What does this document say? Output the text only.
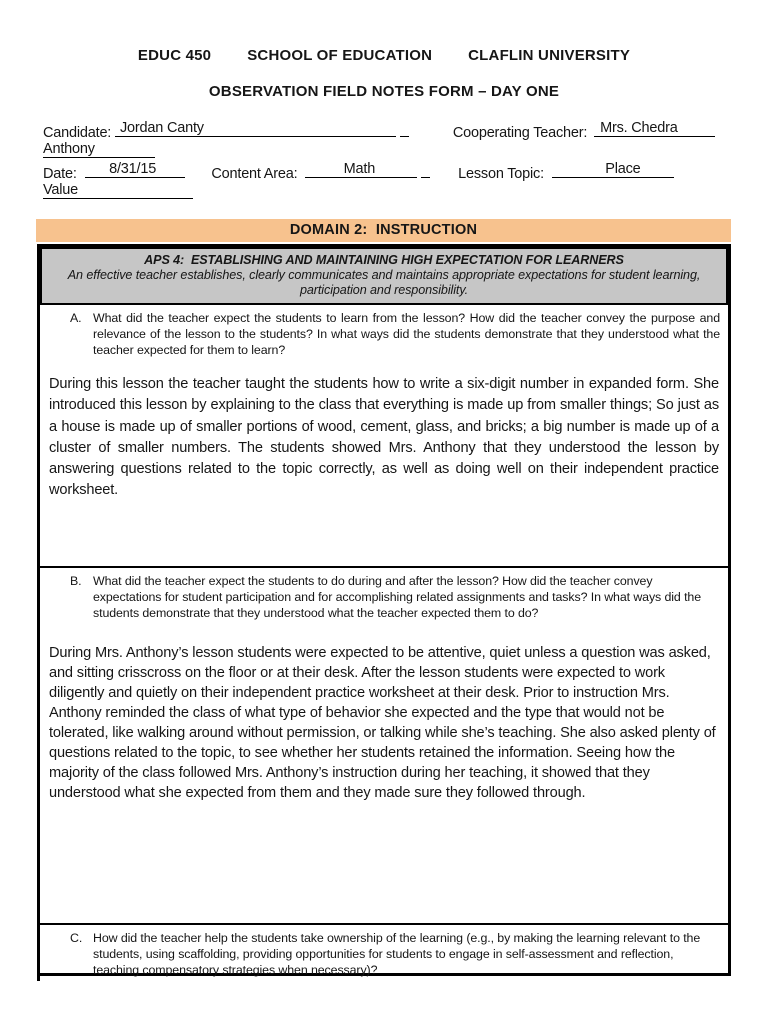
EDUC 450 SCHOOL OF EDUCATION CLAFLIN UNIVERSITY
OBSERVATION FIELD NOTES FORM – DAY ONE
Candidate: Jordan Canty	Cooperating Teacher: Mrs. Chedra
Anthony
Date: 8/31/15	Content Area:	Math	Lesson Topic:	Place
Value
DOMAIN 2:  INSTRUCTION
APS 4:  ESTABLISHING AND MAINTAINING HIGH EXPECTATION FOR LEARNERS
An effective teacher establishes, clearly communicates and maintains appropriate expectations for student learning, participation and responsibility.
A. What did the teacher expect the students to learn from the lesson? How did the teacher convey the purpose and relevance of the lesson to the students? In what ways did the students demonstrate that they understood what the teacher expected for them to learn?
During this lesson the teacher taught the students how to write a six-digit number in expanded form. She introduced this lesson by explaining to the class that everything is made up from smaller things; So just as a house is made up of smaller portions of wood, cement, glass, and bricks; a big number is made up of a cluster of smaller numbers. The students showed Mrs. Anthony that they understood the lesson by answering questions related to the topic correctly, as well as doing well on their independent practice worksheet.
B. What did the teacher expect the students to do during and after the lesson? How did the teacher convey expectations for student participation and for accomplishing related assignments and tasks? In what ways did the students demonstrate that they understood what the teacher expected them to do?
During Mrs. Anthony’s lesson students were expected to be attentive, quiet unless a question was asked, and sitting crisscross on the floor or at their desk. After the lesson students were expected to work diligently and quietly on their independent practice worksheet at their desk. Prior to instruction Mrs. Anthony reminded the class of what type of behavior she expected and the type that would not be tolerated, like walking around without permission, or talking while she’s teaching. She also asked plenty of questions related to the topic, to see whether her students retained the information. Seeing how the majority of the class followed Mrs. Anthony’s instruction during her teaching, it showed that they understood what she expected from them and they made sure they followed through.
C. How did the teacher help the students take ownership of the learning (e.g., by making the learning relevant to the students, using scaffolding, providing opportunities for students to engage in self-assessment and reflection, teaching compensatory strategies when necessary)?
